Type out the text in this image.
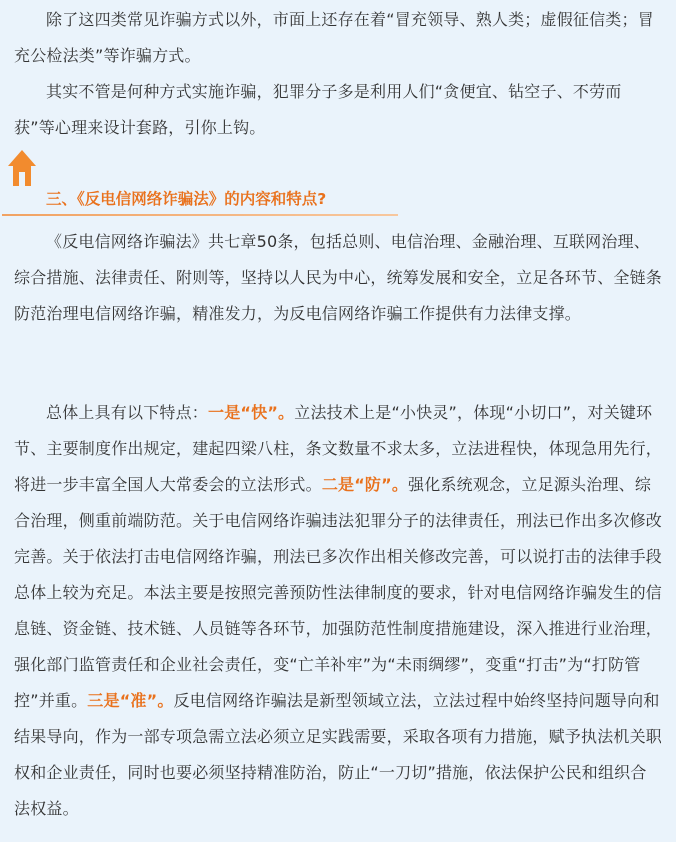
除了这四类常见诈骗方式以外，市面上还存在着“冒充领导、熟人类；虚假征信类；冒充公检法类”等诈骗方式。

其实不管是何种方式实施诈骗，犯罪分子多是利用人们“贪便宜、钻空子、不劳而获”等心理来设计套路，引你上钩。

三、《反电信网络诈骗法》的内容和特点?

《反电信网络诈骗法》共七章50条，包括总则、电信治理、金融治理、互联网治理、综合措施、法律责任、附则等，坚持以人民为中心，统筹发展和安全，立足各环节、全链条防范治理电信网络诈骗，精准发力，为反电信网络诈骗工作提供有力法律支撑。

总体上具有以下特点：一是“快”。立法技术上是“小快灵”，体现“小切口”，对关键环节、主要制度作出规定，建起四梁八柱，条文数量不求太多，立法进程快，体现急用先行，将进一步丰富全国人大常委会的立法形式。二是“防”。强化系统观念，立足源头治理、综合治理，侧重前端防范。关于电信网络诈骗违法犯罪分子的法律责任，刑法已作出多次修改完善。关于依法打击电信网络诈骗，刑法已多次作出相关修改完善，可以说打击的法律手段总体上较为充足。本法主要是按照完善预防性法律制度的要求，针对电信网络诈骗发生的信息链、资金链、技术链、人员链等各环节，加强防范性制度措施建设，深入推进行业治理，强化部门监管责任和企业社会责任，变“亡羊补牢”为“未雨绸缪”，变重“打击”为“打防管控”并重。三是“准”。反电信网络诈骗法是新型领域立法，立法过程中始终坚持问题导向和结果导向，作为一部专项急需立法必须立足实践需要，采取各项有力措施，赋予执法机关职权和企业责任，同时也要必须坚持精准防治，防止“一刀切”措施，依法保护公民和组织合法权益。
